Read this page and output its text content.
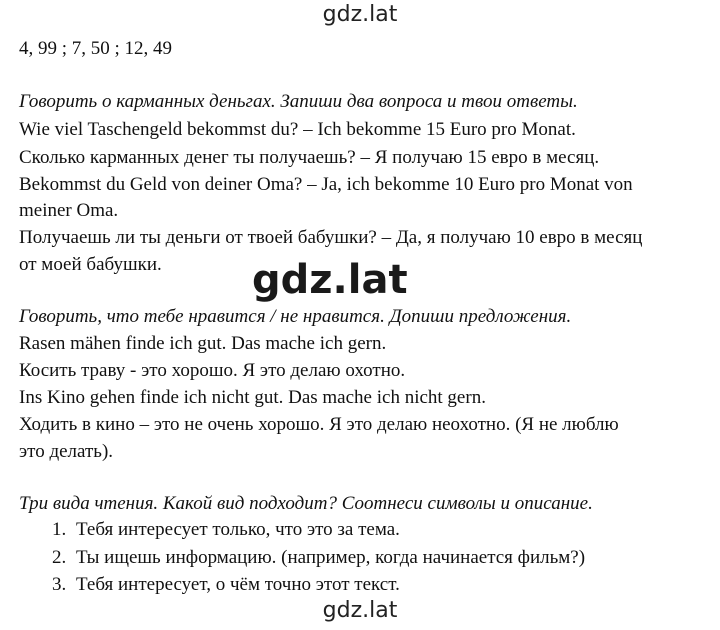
gdz.lat
4, 99 ; 7, 50 ; 12, 49
Говорить о карманных деньгах. Запиши два вопроса и твои ответы.
Wie viel Taschengeld bekommst du? – Ich bekomme 15 Euro pro Monat.
Сколько карманных денег ты получаешь? – Я получаю 15 евро в месяц.
Bekommst du Geld von deiner Oma? – Ja, ich bekomme 10 Euro pro Monat von
meiner Oma.
Получаешь ли ты деньги от твоей бабушки? – Да, я получаю 10 евро в месяц
от моей бабушки. gdz.lat
Говорить, что тебе нравится / не нравится. Допиши предложения.
Rasen mähen finde ich gut. Das mache ich gern.
Косить траву - это хорошо. Я это делаю охотно.
Ins Kino gehen finde ich nicht gut. Das mache ich nicht gern.
Ходить в кино – это не очень хорошо. Я это делаю неохотно. (Я не люблю
это делать).
Три вида чтения. Какой вид подходит? Соотнеси символы и описание.
1. Тебя интересует только, что это за тема.
2. Ты ищешь информацию. (например, когда начинается фильм?)
3. Тебя интересует, о чём точно этот текст.
gdz.lat
